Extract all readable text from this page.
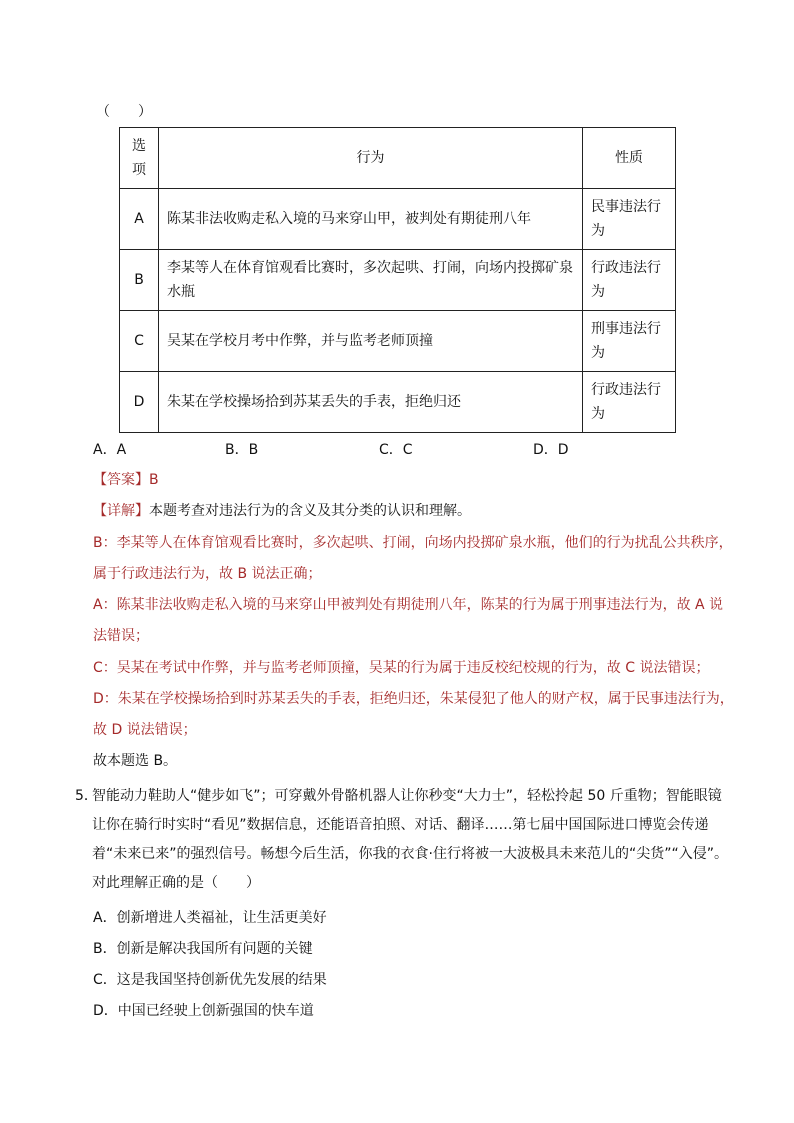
（　　）
选
项	行为	性质
A	陈某非法收购走私入境的马来穿山甲，被判处有期徒刑八年	民事违法行为
B	李某等人在体育馆观看比赛时，多次起哄、打闹，向场内投掷矿泉水瓶	行政违法行为
C	吴某在学校月考中作弊，并与监考老师顶撞	刑事违法行为
D	朱某在学校操场拾到苏某丢失的手表，拒绝归还	行政违法行为
A．A	B．B	C．C	D．D
【答案】B
【详解】本题考查对违法行为的含义及其分类的认识和理解。
B：李某等人在体育馆观看比赛时，多次起哄、打闹，向场内投掷矿泉水瓶，他们的行为扰乱公共秩序，
属于行政违法行为，故 B 说法正确；
A：陈某非法收购走私入境的马来穿山甲被判处有期徒刑八年，陈某的行为属于刑事违法行为，故 A 说
法错误；
C：吴某在考试中作弊，并与监考老师顶撞，吴某的行为属于违反校纪校规的行为，故 C 说法错误；
D：朱某在学校操场拾到时苏某丢失的手表，拒绝归还，朱某侵犯了他人的财产权，属于民事违法行为，
故 D 说法错误；
故本题选 B。
5．
智能动力鞋助人“健步如飞”；可穿戴外骨骼机器人让你秒变“大力士”，轻松拎起 50 斤重物；智能眼镜让你在骑行时实时“看见”数据信息，还能语音拍照、对话、翻译……第七届中国国际进口博览会传递着“未来已来”的强烈信号。畅想今后生活，你我的衣食·住行将被一大波极具未来范儿的“尖货”“入侵”。对此理解正确的是（　　）
A．创新增进人类福祉，让生活更美好
B．创新是解决我国所有问题的关键
C．这是我国坚持创新优先发展的结果
D．中国已经驶上创新强国的快车道
